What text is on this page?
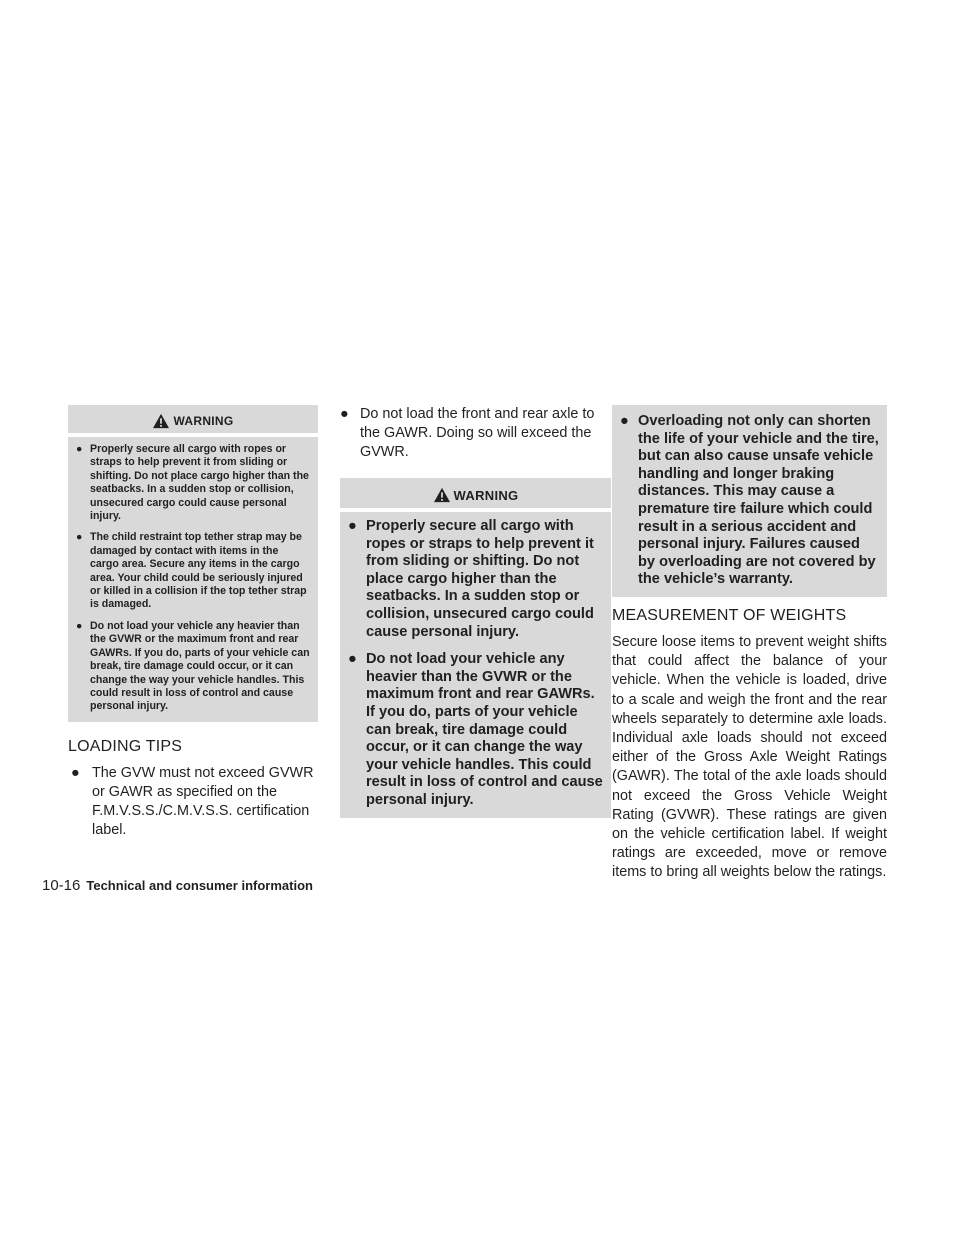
WARNING
● Properly secure all cargo with ropes or straps to help prevent it from sliding or shifting. Do not place cargo higher than the seatbacks. In a sudden stop or collision, unsecured cargo could cause personal injury.
● The child restraint top tether strap may be damaged by contact with items in the cargo area. Secure any items in the cargo area. Your child could be seriously injured or killed in a collision if the top tether strap is damaged.
● Do not load your vehicle any heavier than the GVWR or the maximum front and rear GAWRs. If you do, parts of your vehicle can break, tire damage could occur, or it can change the way your vehicle handles. This could result in loss of control and cause personal injury.
LOADING TIPS
● The GVW must not exceed GVWR or GAWR as specified on the F.M.V.S.S./C.M.V.S.S. certification label.
● Do not load the front and rear axle to the GAWR. Doing so will exceed the GVWR.
WARNING
● Properly secure all cargo with ropes or straps to help prevent it from sliding or shifting. Do not place cargo higher than the seatbacks. In a sudden stop or collision, unsecured cargo could cause personal injury.
● Do not load your vehicle any heavier than the GVWR or the maximum front and rear GAWRs. If you do, parts of your vehicle can break, tire damage could occur, or it can change the way your vehicle handles. This could result in loss of control and cause personal injury.
● Overloading not only can shorten the life of your vehicle and the tire, but can also cause unsafe vehicle handling and longer braking distances. This may cause a premature tire failure which could result in a serious accident and personal injury. Failures caused by overloading are not covered by the vehicle’s warranty.
MEASUREMENT OF WEIGHTS

Secure loose items to prevent weight shifts that could affect the balance of your vehicle. When the vehicle is loaded, drive to a scale and weigh the front and the rear wheels separately to determine axle loads. Individual axle loads should not exceed either of the Gross Axle Weight Ratings (GAWR). The total of the axle loads should not exceed the Gross Vehicle Weight Rating (GVWR). These ratings are given on the vehicle certification label. If weight ratings are exceeded, move or remove items to bring all weights below the ratings.

10-16 Technical and consumer information
